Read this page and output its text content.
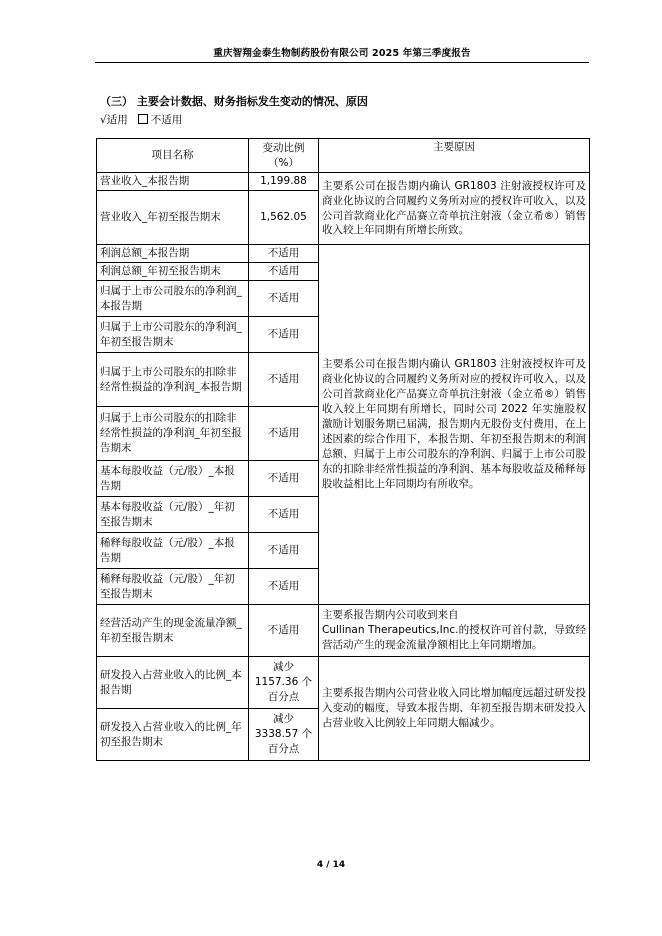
重庆智翔金泰生物制药股份有限公司 2025 年第三季度报告
（三） 主要会计数据、财务指标发生变动的情况、原因
√适用 不适用
项目名称	变动比例（%）	主要原因
营业收入_本报告期	1,199.88	主要系公司在报告期内确认 GR1803 注射液授权许可及商业化协议的合同履约义务所对应的授权许可收入，以及公司首款商业化产品赛立奇单抗注射液（金立希®）销售收入较上年同期有所增长所致。
营业收入_年初至报告期末	1,562.05	
利润总额_本报告期	不适用	主要系公司在报告期内确认 GR1803 注射液授权许可及商业化协议的合同履约义务所对应的授权许可收入，以及公司首款商业化产品赛立奇单抗注射液（金立希®）销售收入较上年同期有所增长，同时公司 2022 年实施股权激励计划服务期已届满，报告期内无股份支付费用，在上述因素的综合作用下，本报告期、年初至报告期末的利润总额、归属于上市公司股东的净利润、归属于上市公司股东的扣除非经常性损益的净利润、基本每股收益及稀释每股收益相比上年同期均有所收窄。
利润总额_年初至报告期末	不适用	
归属于上市公司股东的净利润_本报告期	不适用	
归属于上市公司股东的净利润_年初至报告期末	不适用	
归属于上市公司股东的扣除非经常性损益的净利润_本报告期	不适用	
归属于上市公司股东的扣除非经常性损益的净利润_年初至报告期末	不适用	
基本每股收益（元/股）_本报告期	不适用	
基本每股收益（元/股）_年初至报告期末	不适用	
稀释每股收益（元/股）_本报告期	不适用	
稀释每股收益（元/股）_年初至报告期末	不适用	
经营活动产生的现金流量净额_年初至报告期末	不适用	主要系报告期内公司收到来自
Cullinan Therapeutics,Inc.的授权许可首付款，导致经营活动产生的现金流量净额相比上年同期增加。
研发投入占营业收入的比例_本报告期	减少1157.36 个百分点	主要系报告期内公司营业收入同比增加幅度远超过研发投入变动的幅度，导致本报告期、年初至报告期末研发投入占营业收入比例较上年同期大幅减少。
研发投入占营业收入的比例_年初至报告期末	减少3338.57 个百分点	
4 / 14
